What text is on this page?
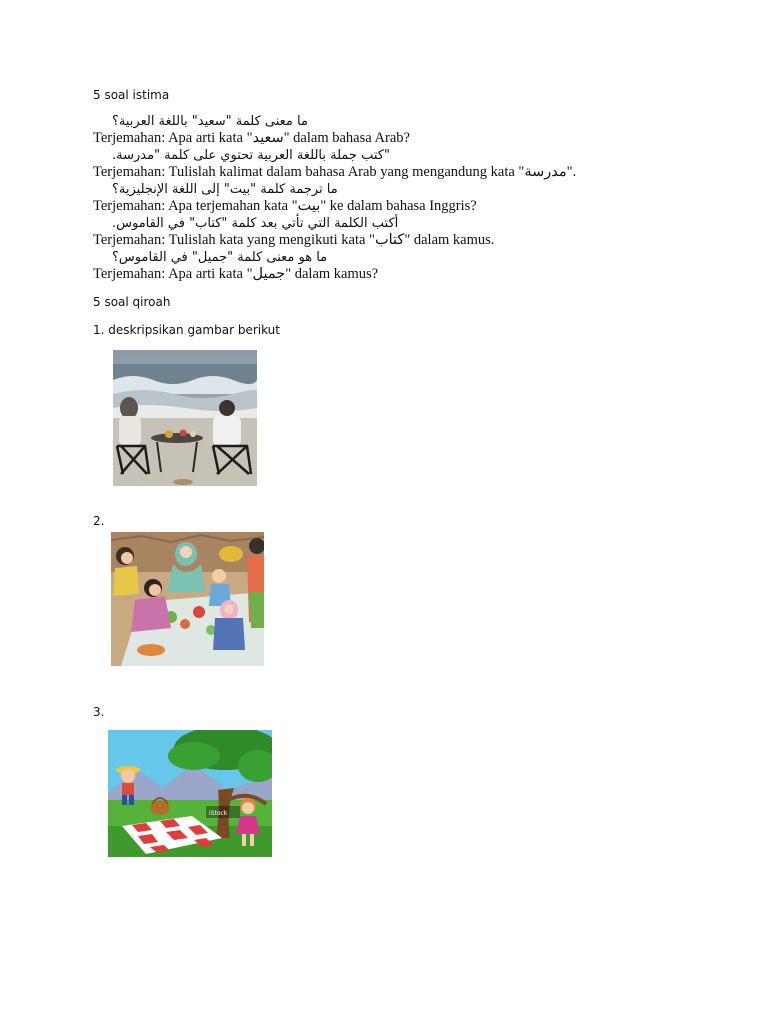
5 soal istima
ما معنى كلمة "سعيد" باللغة العربية؟
Terjemahan: Apa arti kata "سعيد" dalam bahasa Arab?
"كتب جملة باللغة العربية تحتوي على كلمة "مدرسة.
Terjemahan: Tulislah kalimat dalam bahasa Arab yang mengandung kata "مدرسة".
ما ترجمة كلمة "بيت" إلى اللغة الإنجليزية؟
Terjemahan: Apa terjemahan kata "بيت" ke dalam bahasa Inggris?
أكتب الكلمة التي تأتي بعد كلمة "كتاب" في القاموس.
Terjemahan: Tulislah kata yang mengikuti kata "كتاب" dalam kamus.
ما هو معنى كلمة "جميل" في القاموس؟
Terjemahan: Apa arti kata "جميل" dalam kamus?
5 soal qiroah
1. deskripsikan gambar berikut
2.
3.
iStock
